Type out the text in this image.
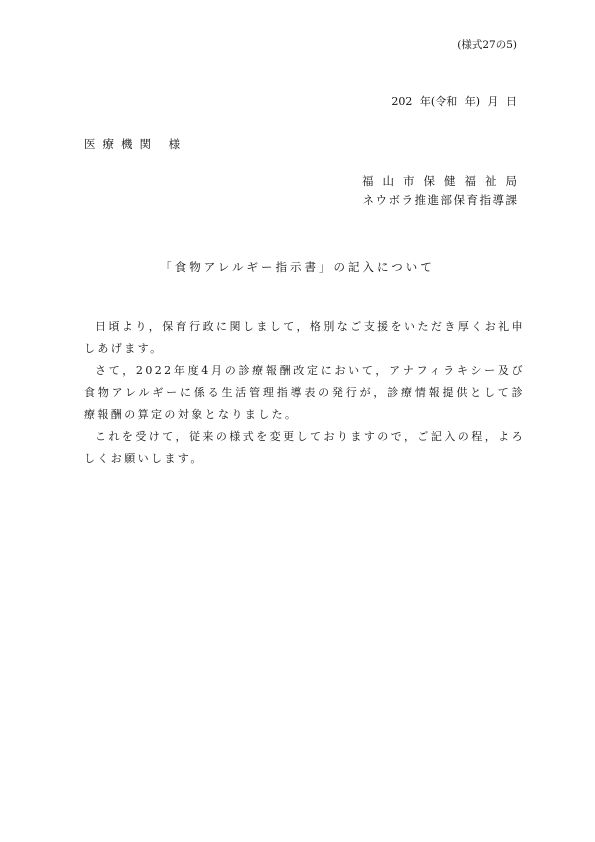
(様式27の5)
202 年(令和 年) 月 日
医療機関 様
福山市保健福祉局
ネウボラ推進部保育指導課
「食物アレルギー指示書」の記入について

日頃より，保育行政に関しまして，格別なご支援をいただき厚くお礼申しあげます。

さて，2022年度4月の診療報酬改定において，アナフィラキシー及び食物アレルギーに係る生活管理指導表の発行が，診療情報提供として診療報酬の算定の対象となりました。

これを受けて，従来の様式を変更しておりますので，ご記入の程，よろしくお願いします。
